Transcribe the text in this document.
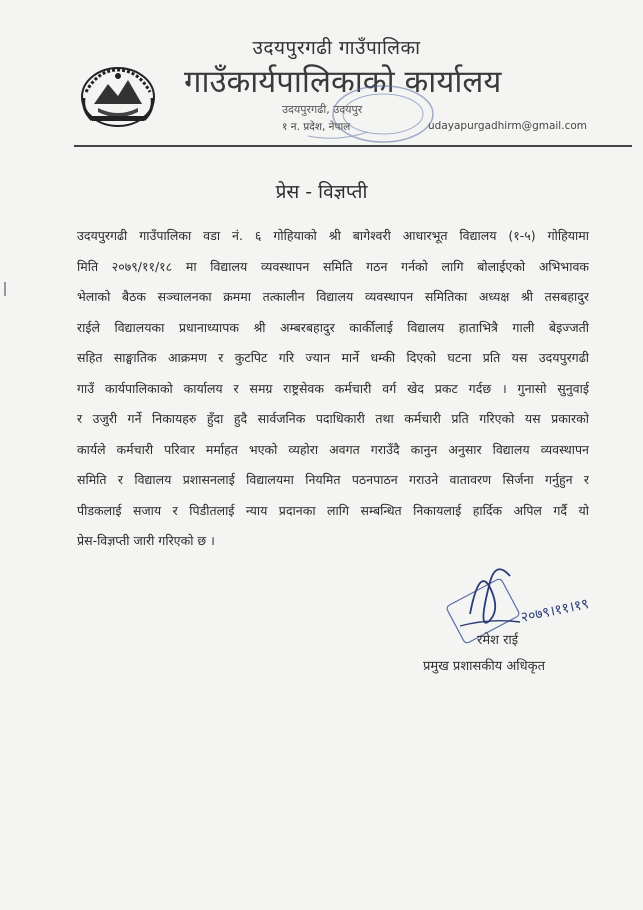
उदयपुरगढी गाउँपालिका
गाउँकार्यपालिकाको कार्यालय
उदयपुरगढी, उदयपुर
१ न. प्रदेश, नेपाल	udayapurgadhirm@gmail.com
प्रेस - विज्ञप्ती
उदयपुरगढी गाउँपालिका वडा नं. ६ गोहियाको श्री बागेश्वरी आधारभूत विद्यालय (१-५) गोहियामा
मिति २०७९/११/१८ मा विद्यालय व्यवस्थापन समिति गठन गर्नको लागि बोलाईएको अभिभावक
भेलाको बैठक सञ्चालनका क्रममा तत्कालीन विद्यालय व्यवस्थापन समितिका अध्यक्ष श्री तसबहादुर
राईले विद्यालयका प्रधानाध्यापक श्री अम्बरबहादुर कार्कीलाई विद्यालय हाताभित्रै गाली बेइज्जती
सहित साङ्घातिक आक्रमण र कुटपिट गरि ज्यान मार्ने धम्की दिएको घटना प्रति यस उदयपुरगढी
गाउँ कार्यपालिकाको कार्यालय र समग्र राष्ट्रसेवक कर्मचारी वर्ग खेद प्रकट गर्दछ । गुनासो सुनुवाई
र उजुरी गर्ने निकायहरु हुँदा हुदै सार्वजनिक पदाधिकारी तथा कर्मचारी प्रति गरिएको यस प्रकारको
कार्यले कर्मचारी परिवार मर्माहत भएको व्यहोरा अवगत गराउँदै कानुन अनुसार विद्यालय व्यवस्थापन
समिति र विद्यालय प्रशासनलाई विद्यालयमा नियमित पठनपाठन गराउने वातावरण सिर्जना गर्नुहुन र
पीडकलाई सजाय र पिडीतलाई न्याय प्रदानका लागि सम्बन्धित निकायलाई हार्दिक अपिल गर्दै यो
प्रेस-विज्ञप्ती जारी गरिएको छ ।
२०७९।११।१९
रमेश राई
प्रमुख प्रशासकीय अधिकृत
